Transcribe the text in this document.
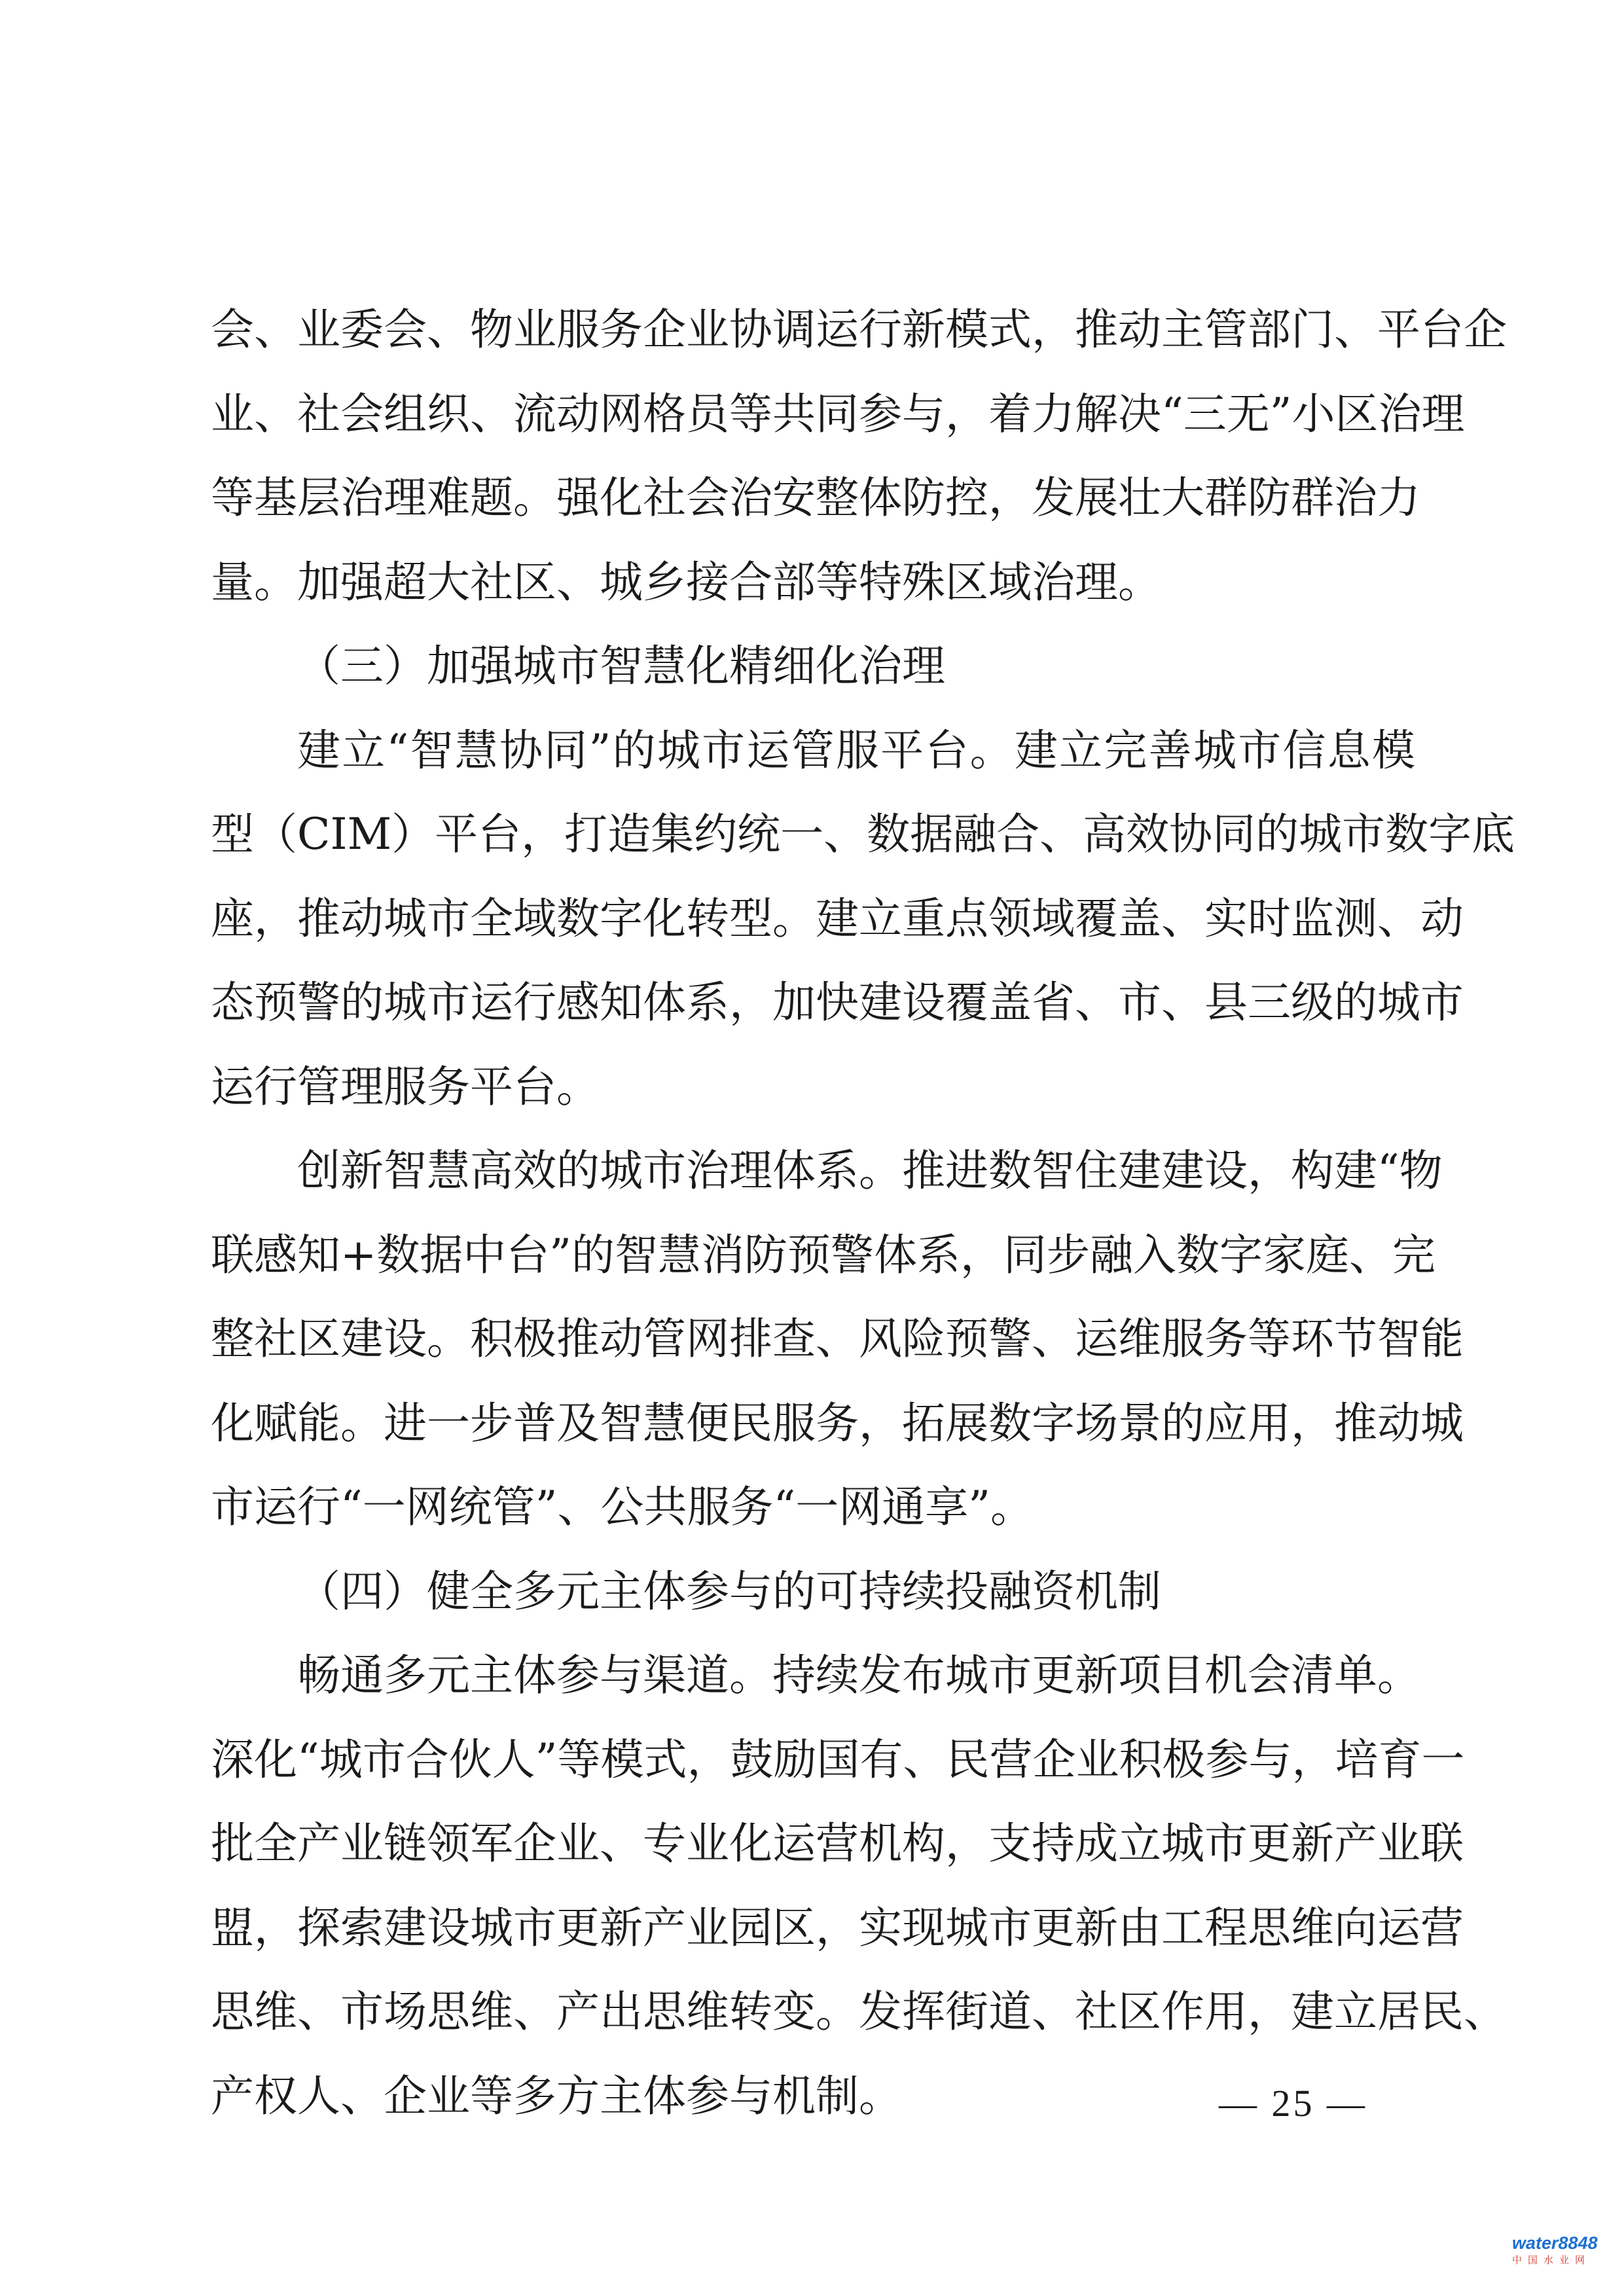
会、业委会、物业服务企业协调运行新模式，推动主管部门、平台企
业、社会组织、流动网格员等共同参与，着力解决“三无”小区治理
等基层治理难题。强化社会治安整体防控，发展壮大群防群治力
量。加强超大社区、城乡接合部等特殊区域治理。
（三）加强城市智慧化精细化治理
建立“智慧协同”的城市运管服平台。建立完善城市信息模
型（CIM）平台，打造集约统一、数据融合、高效协同的城市数字底
座，推动城市全域数字化转型。建立重点领域覆盖、实时监测、动
态预警的城市运行感知体系，加快建设覆盖省、市、县三级的城市
运行管理服务平台。
创新智慧高效的城市治理体系。推进数智住建建设，构建“物
联感知+数据中台”的智慧消防预警体系，同步融入数字家庭、完
整社区建设。积极推动管网排查、风险预警、运维服务等环节智能
化赋能。进一步普及智慧便民服务，拓展数字场景的应用，推动城
市运行“一网统管”、公共服务“一网通享”。
（四）健全多元主体参与的可持续投融资机制
畅通多元主体参与渠道。持续发布城市更新项目机会清单。
深化“城市合伙人”等模式，鼓励国有、民营企业积极参与，培育一
批全产业链领军企业、专业化运营机构，支持成立城市更新产业联
盟，探索建设城市更新产业园区，实现城市更新由工程思维向运营
思维、市场思维、产出思维转变。发挥街道、社区作用，建立居民、
产权人、企业等多方主体参与机制。	— 25 —
water8848
中国水业网
